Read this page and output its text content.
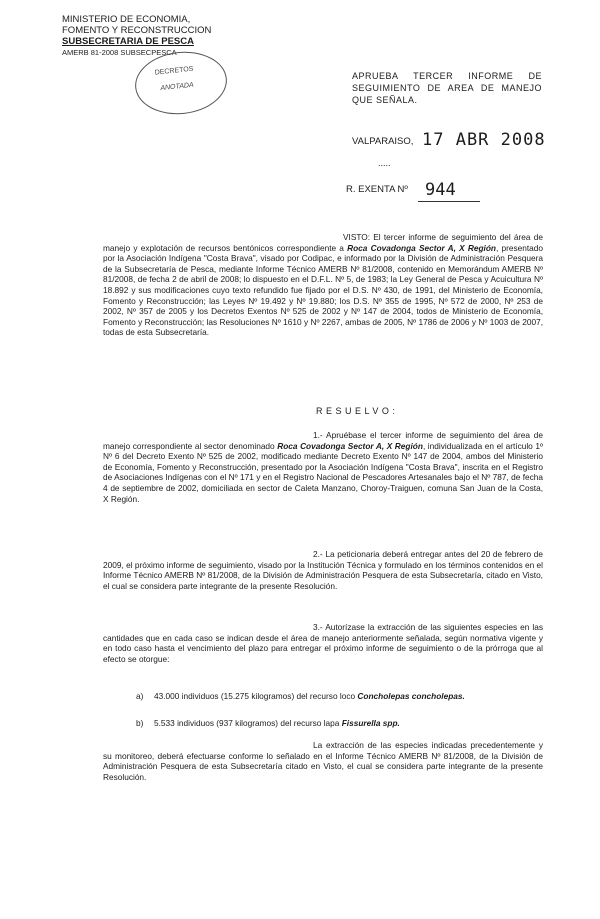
MINISTERIO DE ECONOMIA,
FOMENTO Y RECONSTRUCCION
SUBSECRETARIA DE PESCA
AMERB 81-2008 SUBSECPESCA
DECRETOS
ANOTADA
APRUEBA TERCER INFORME DE SEGUIMIENTO DE AREA DE MANEJO QUE SEÑALA.
VALPARAISO, 17 ABR 2008
.....
R. EXENTA Nº 944
VISTO: El tercer informe de seguimiento del área de manejo y explotación de recursos bentónicos correspondiente a Roca Covadonga Sector A, X Región, presentado por la Asociación Indígena "Costa Brava", visado por Codipac, e informado por la División de Administración Pesquera de la Subsecretaría de Pesca, mediante Informe Técnico AMERB Nº 81/2008, contenido en Memorándum AMERB Nº 81/2008, de fecha 2 de abril de 2008; lo dispuesto en el D.F.L. Nº 5, de 1983; la Ley General de Pesca y Acuicultura Nº 18.892 y sus modificaciones cuyo texto refundido fue fijado por el D.S. Nº 430, de 1991, del Ministerio de Economía, Fomento y Reconstrucción; las Leyes Nº 19.492 y Nº 19.880; los D.S. Nº 355 de 1995, Nº 572 de 2000, Nº 253 de 2002, Nº 357 de 2005 y los Decretos Exentos Nº 525 de 2002 y Nº 147 de 2004, todos de Ministerio de Economía, Fomento y Reconstrucción; las Resoluciones Nº 1610 y Nº 2267, ambas de 2005, Nº 1786 de 2006 y Nº 1003 de 2007, todas de esta Subsecretaría.
RESUELVO:
1.- Apruébase el tercer informe de seguimiento del área de manejo correspondiente al sector denominado Roca Covadonga Sector A, X Región, individualizada en el artículo 1º Nº 6 del Decreto Exento Nº 525 de 2002, modificado mediante Decreto Exento Nº 147 de 2004, ambos del Ministerio de Economía, Fomento y Reconstrucción, presentado por la Asociación Indígena "Costa Brava", inscrita en el Registro de Asociaciones Indígenas con el Nº 171 y en el Registro Nacional de Pescadores Artesanales bajo el Nº 787, de fecha 4 de septiembre de 2002, domiciliada en sector de Caleta Manzano, Choroy-Traiguen, comuna San Juan de la Costa, X Región.
2.- La peticionaria deberá entregar antes del 20 de febrero de 2009, el próximo informe de seguimiento, visado por la Institución Técnica y formulado en los términos contenidos en el Informe Técnico AMERB Nº 81/2008, de la División de Administración Pesquera de esta Subsecretaría, citado en Visto, el cual se considera parte integrante de la presente Resolución.
3.- Autorízase la extracción de las siguientes especies en las cantidades que en cada caso se indican desde el área de manejo anteriormente señalada, según normativa vigente y en todo caso hasta el vencimiento del plazo para entregar el próximo informe de seguimiento o de la prórroga que al efecto se otorgue:
a) 43.000 individuos (15.275 kilogramos) del recurso loco Concholepas concholepas.
b) 5.533 individuos (937 kilogramos) del recurso lapa Fissurella spp.
La extracción de las especies indicadas precedentemente y su monitoreo, deberá efectuarse conforme lo señalado en el Informe Técnico AMERB Nº 81/2008, de la División de Administración Pesquera de esta Subsecretaría citado en Visto, el cual se considera parte integrante de la presente Resolución.
